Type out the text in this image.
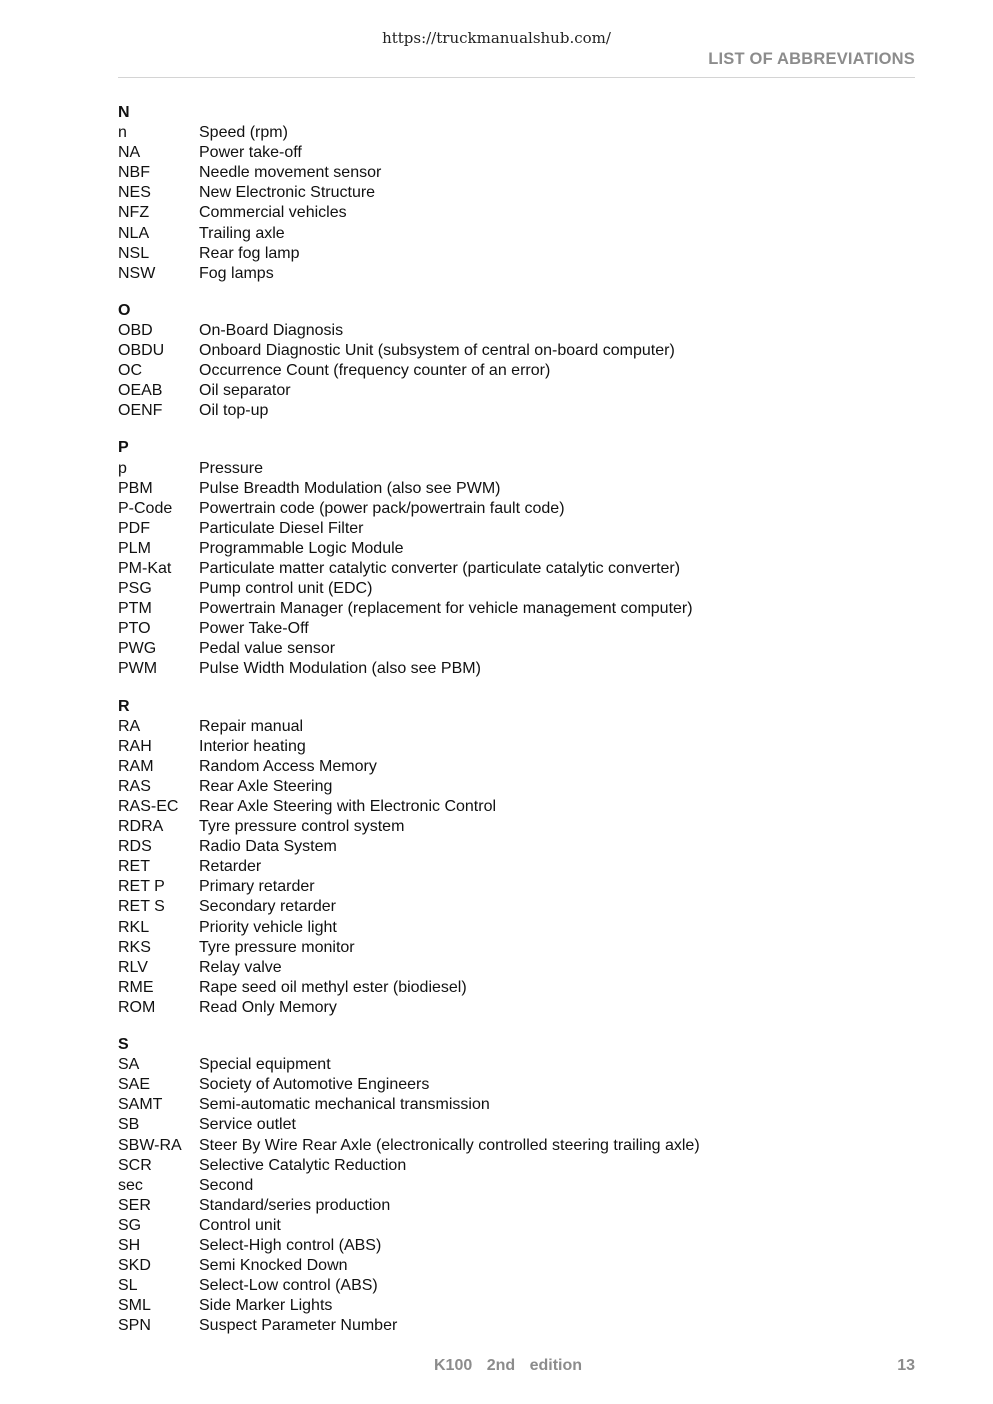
https://truckmanualshub.com/
LIST OF ABBREVIATIONS
N
n	Speed (rpm)
NA	Power take-off
NBF	Needle movement sensor
NES	New Electronic Structure
NFZ	Commercial vehicles
NLA	Trailing axle
NSL	Rear fog lamp
NSW	Fog lamps
O
OBD	On-Board Diagnosis
OBDU	Onboard Diagnostic Unit (subsystem of central on-board computer)
OC	Occurrence Count (frequency counter of an error)
OEAB	Oil separator
OENF	Oil top-up
P
p	Pressure
PBM	Pulse Breadth Modulation (also see PWM)
P-Code	Powertrain code (power pack/powertrain fault code)
PDF	Particulate Diesel Filter
PLM	Programmable Logic Module
PM-Kat	Particulate matter catalytic converter (particulate catalytic converter)
PSG	Pump control unit (EDC)
PTM	Powertrain Manager (replacement for vehicle management computer)
PTO	Power Take-Off
PWG	Pedal value sensor
PWM	Pulse Width Modulation (also see PBM)
R
RA	Repair manual
RAH	Interior heating
RAM	Random Access Memory
RAS	Rear Axle Steering
RAS-EC	Rear Axle Steering with Electronic Control
RDRA	Tyre pressure control system
RDS	Radio Data System
RET	Retarder
RET P	Primary retarder
RET S	Secondary retarder
RKL	Priority vehicle light
RKS	Tyre pressure monitor
RLV	Relay valve
RME	Rape seed oil methyl ester (biodiesel)
ROM	Read Only Memory
S
SA	Special equipment
SAE	Society of Automotive Engineers
SAMT	Semi-automatic mechanical transmission
SB	Service outlet
SBW-RA	Steer By Wire Rear Axle (electronically controlled steering trailing axle)
SCR	Selective Catalytic Reduction
sec	Second
SER	Standard/series production
SG	Control unit
SH	Select-High control (ABS)
SKD	Semi Knocked Down
SL	Select-Low control (ABS)
SML	Side Marker Lights
SPN	Suspect Parameter Number
K100 2nd edition	13
